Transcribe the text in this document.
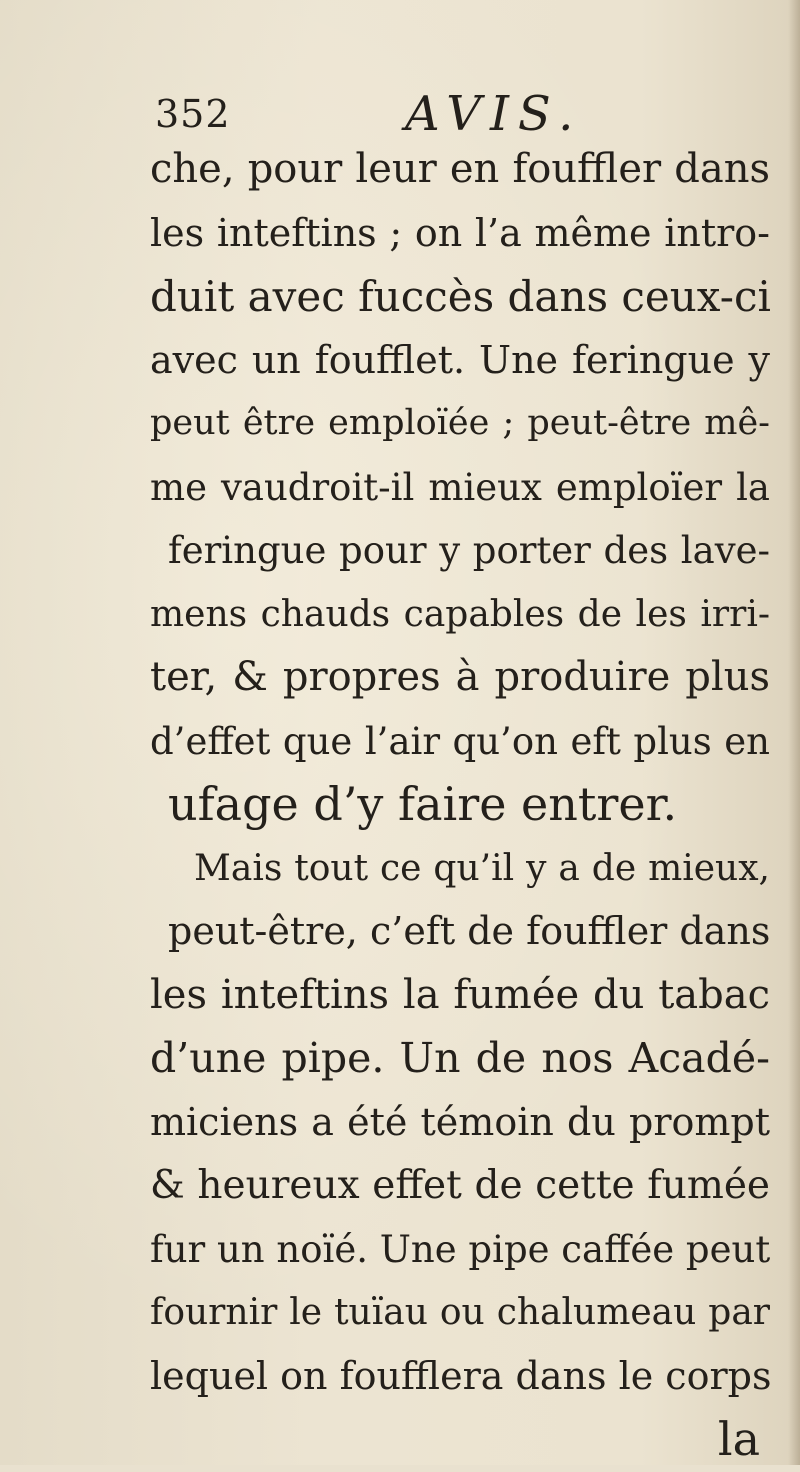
352	AVIS.
che, pour leur en fouffler dans
les inteftins ; on l’a même intro-
duit avec fuccès dans ceux-ci
avec un foufflet. Une feringue y
peut être emploïée ; peut-être mê-
me vaudroit-il mieux emploïer la
feringue pour y porter des lave-
mens chauds capables de les irri-
ter, & propres à produire plus
d’effet que l’air qu’on eft plus en
ufage d’y faire entrer.
Mais tout ce qu’il y a de mieux,
peut-être, c’eft de fouffler dans
les inteftins la fumée du tabac
d’une pipe. Un de nos Acadé-
miciens a été témoin du prompt
& heureux effet de cette fumée
fur un noïé. Une pipe caffée peut
fournir le tuïau ou chalumeau par
lequel on foufflera dans le corps
la
